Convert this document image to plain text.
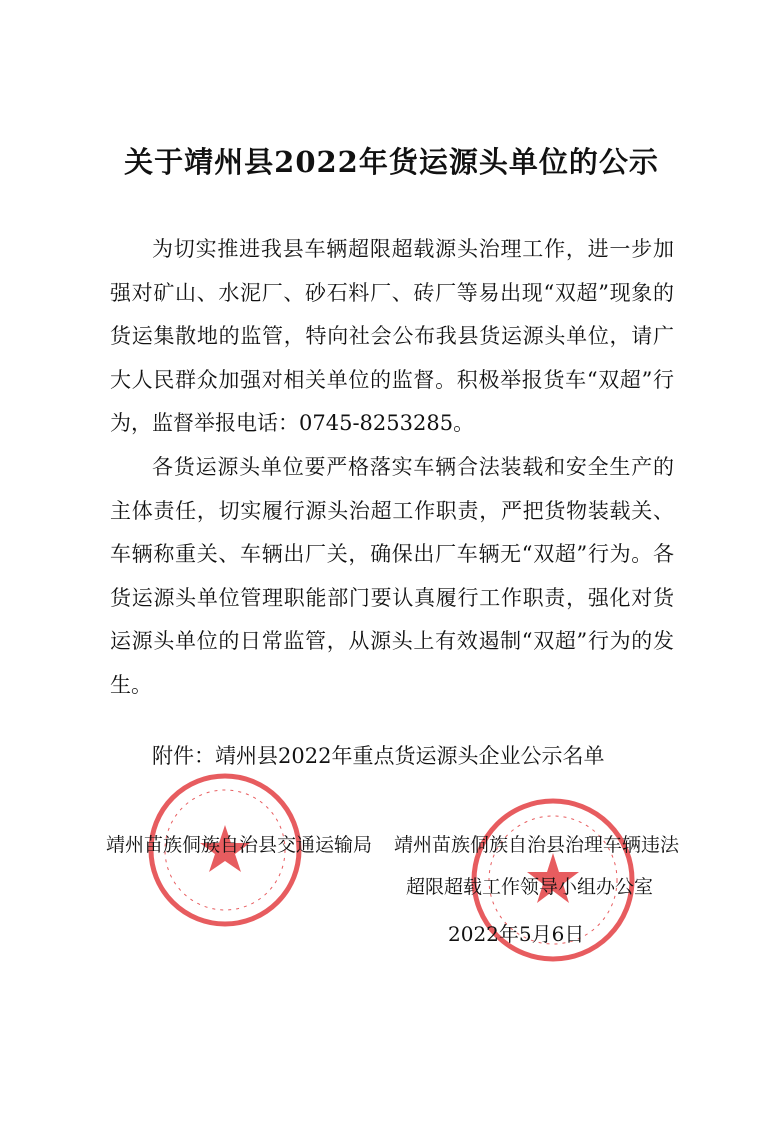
关于靖州县2022年货运源头单位的公示

为切实推进我县车辆超限超载源头治理工作，进一步加强对矿山、水泥厂、砂石料厂、砖厂等易出现“双超”现象的货运集散地的监管，特向社会公布我县货运源头单位，请广大人民群众加强对相关单位的监督。积极举报货车“双超”行为，监督举报电话：0745-8253285。

各货运源头单位要严格落实车辆合法装载和安全生产的主体责任，切实履行源头治超工作职责，严把货物装载关、车辆称重关、车辆出厂关，确保出厂车辆无“双超”行为。各货运源头单位管理职能部门要认真履行工作职责，强化对货运源头单位的日常监管，从源头上有效遏制“双超”行为的发生。

附件：靖州县2022年重点货运源头企业公示名单

靖州苗族侗族自治县交通运输局 靖州苗族侗族自治县治理车辆违法
超限超载工作领导小组办公室
2022年5月6日
